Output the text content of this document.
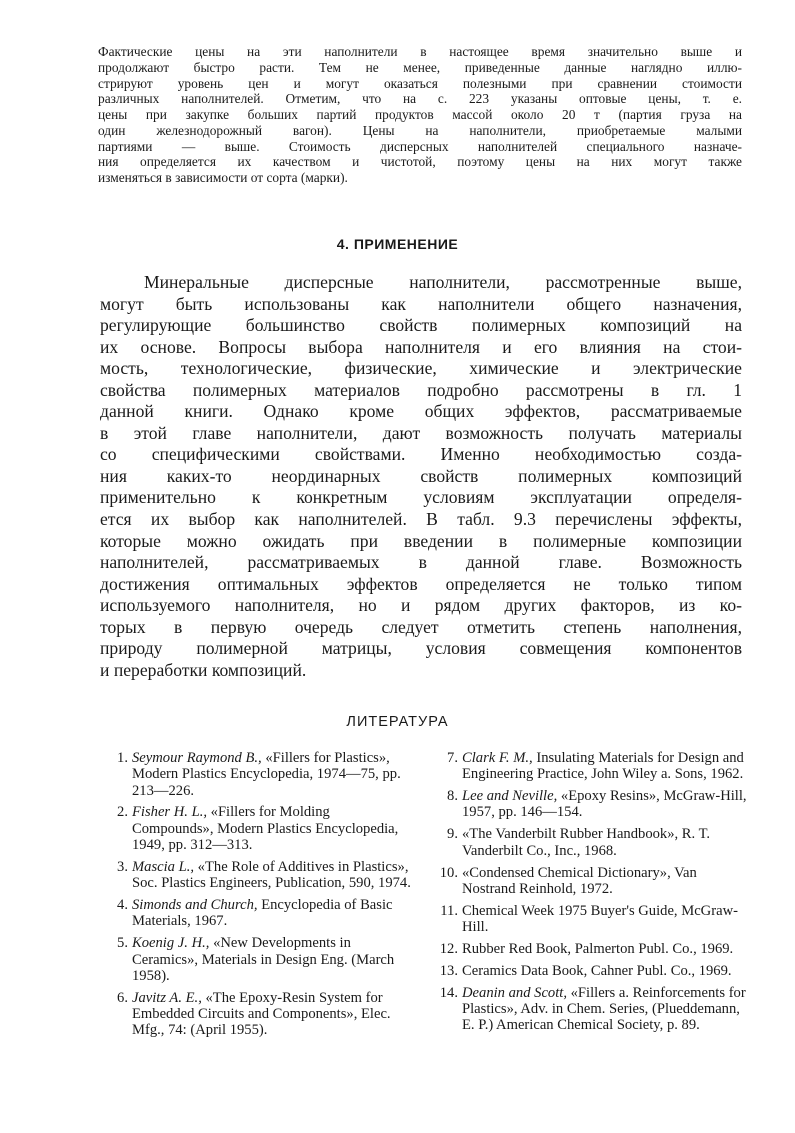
Фактические цены на эти наполнители в настоящее время значительно выше и
продолжают быстро расти. Тем не менее, приведенные данные наглядно иллю-
стрируют уровень цен и могут оказаться полезными при сравнении стоимости
различных наполнителей. Отметим, что на с. 223 указаны оптовые цены, т. е.
цены при закупке больших партий продуктов массой около 20 т (партия груза на
один железнодорожный вагон). Цены на наполнители, приобретаемые малыми
партиями — выше. Стоимость дисперсных наполнителей специального назначе-
ния определяется их качеством и чистотой, поэтому цены на них могут также
изменяться в зависимости от сорта (марки).
4. ПРИМЕНЕНИЕ
Минеральные дисперсные наполнители, рассмотренные выше,
могут быть использованы как наполнители общего назначения,
регулирующие большинство свойств полимерных композиций на
их основе. Вопросы выбора наполнителя и его влияния на стои-
мость, технологические, физические, химические и электрические
свойства полимерных материалов подробно рассмотрены в гл. 1
данной книги. Однако кроме общих эффектов, рассматриваемые
в этой главе наполнители, дают возможность получать материалы
со специфическими свойствами. Именно необходимостью созда-
ния каких-то неординарных свойств полимерных композиций
применительно к конкретным условиям эксплуатации определя-
ется их выбор как наполнителей. В табл. 9.3 перечислены эффекты,
которые можно ожидать при введении в полимерные композиции
наполнителей, рассматриваемых в данной главе. Возможность
достижения оптимальных эффектов определяется не только типом
используемого наполнителя, но и рядом других факторов, из ко-
торых в первую очередь следует отметить степень наполнения,
природу полимерной матрицы, условия совмещения компонентов
и переработки композиций.
ЛИТЕРАТУРА
1. Seymour Raymond B., «Fillers for Plastics», Modern Plastics Encyclopedia, 1974—75, pp. 213—226.
2. Fisher H. L., «Fillers for Molding Compounds», Modern Plastics Encyclopedia, 1949, pp. 312—313.
3. Mascia L., «The Role of Additives in Plastics», Soc. Plastics Engineers, Publication, 590, 1974.
4. Simonds and Church, Encyclopedia of Basic Materials, 1967.
5. Koenig J. H., «New Developments in Ceramics», Materials in Design Eng. (March 1958).
6. Javitz A. E., «The Epoxy-Resin System for Embedded Circuits and Components», Elec. Mfg., 74: (April 1955).
7. Clark F. M., Insulating Materials for Design and Engineering Practice, John Wiley a. Sons, 1962.
8. Lee and Neville, «Epoxy Resins», McGraw-Hill, 1957, pp. 146—154.
9. «The Vanderbilt Rubber Handbook», R. T. Vanderbilt Co., Inc., 1968.
10. «Condensed Chemical Dictionary», Van Nostrand Reinhold, 1972.
11. Chemical Week 1975 Buyer's Guide, McGraw-Hill.
12. Rubber Red Book, Palmerton Publ. Co., 1969.
13. Ceramics Data Book, Cahner Publ. Co., 1969.
14. Deanin and Scott, «Fillers a. Reinforcements for Plastics», Adv. in Chem. Series, (Plueddemann, E. P.) American Chemical Society, p. 89.
